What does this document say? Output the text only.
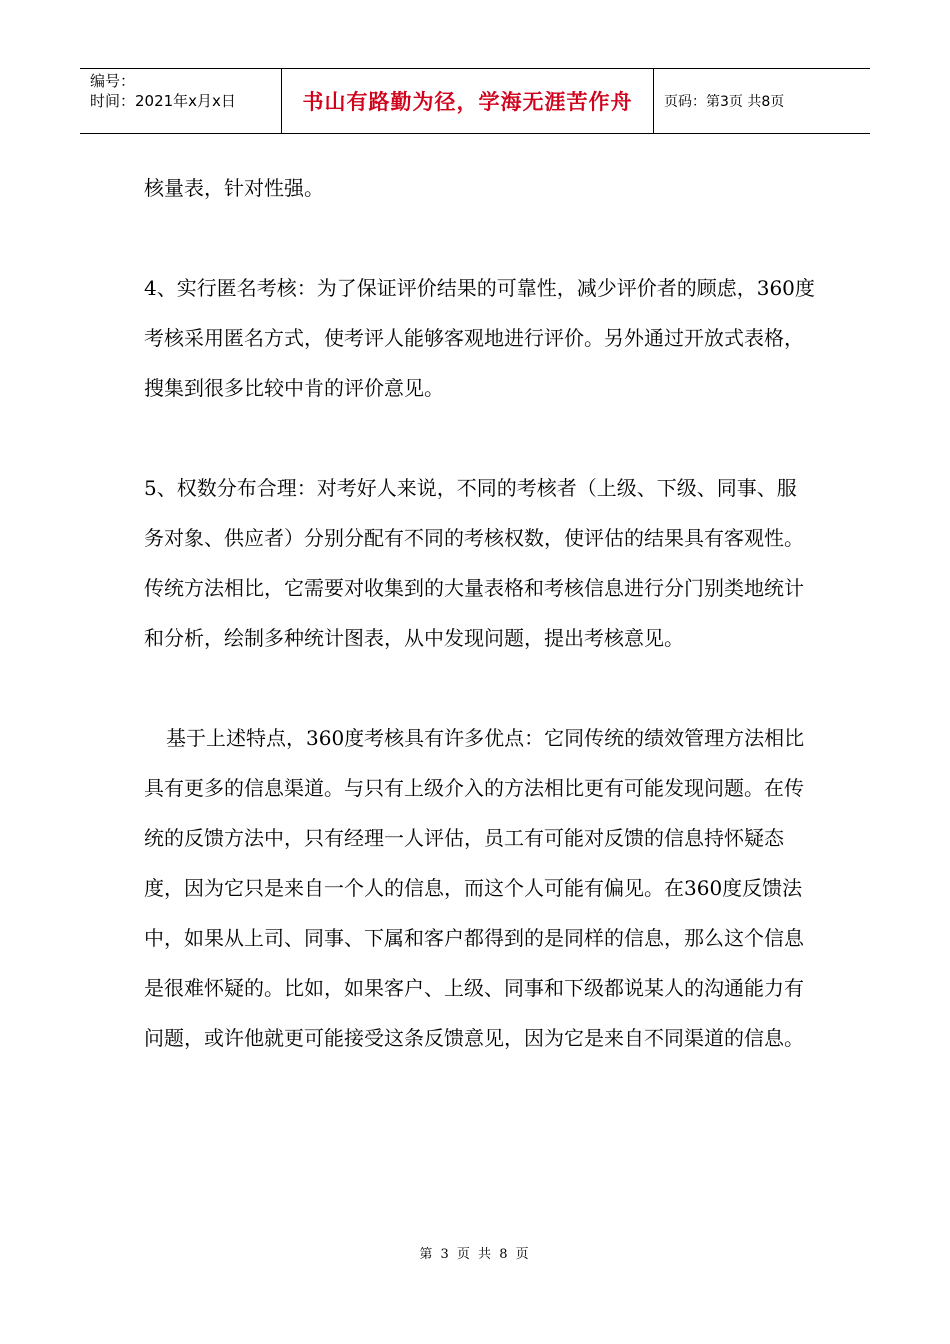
编号：
时间：2021年x月x日	书山有路勤为径，学海无涯苦作舟 页码：第3页 共8页

核量表，针对性强。

4、实行匿名考核：为了保证评价结果的可靠性，减少评价者的顾虑，360度考核采用匿名方式，使考评人能够客观地进行评价。另外通过开放式表格，搜集到很多比较中肯的评价意见。

5、权数分布合理：对考好人来说，不同的考核者（上级、下级、同事、服务对象、供应者）分别分配有不同的考核权数，使评估的结果具有客观性。

传统方法相比，它需要对收集到的大量表格和考核信息进行分门别类地统计和分析，绘制多种统计图表，从中发现问题，提出考核意见。

基于上述特点，360度考核具有许多优点：它同传统的绩效管理方法相比具有更多的信息渠道。与只有上级介入的方法相比更有可能发现问题。在传统的反馈方法中，只有经理一人评估，员工有可能对反馈的信息持怀疑态度，因为它只是来自一个人的信息，而这个人可能有偏见。在360度反馈法中，如果从上司、同事、下属和客户都得到的是同样的信息，那么这个信息是很难怀疑的。比如，如果客户、上级、同事和下级都说某人的沟通能力有问题，或许他就更可能接受这条反馈意见，因为它是来自不同渠道的信息。

第 3 页 共 8 页
